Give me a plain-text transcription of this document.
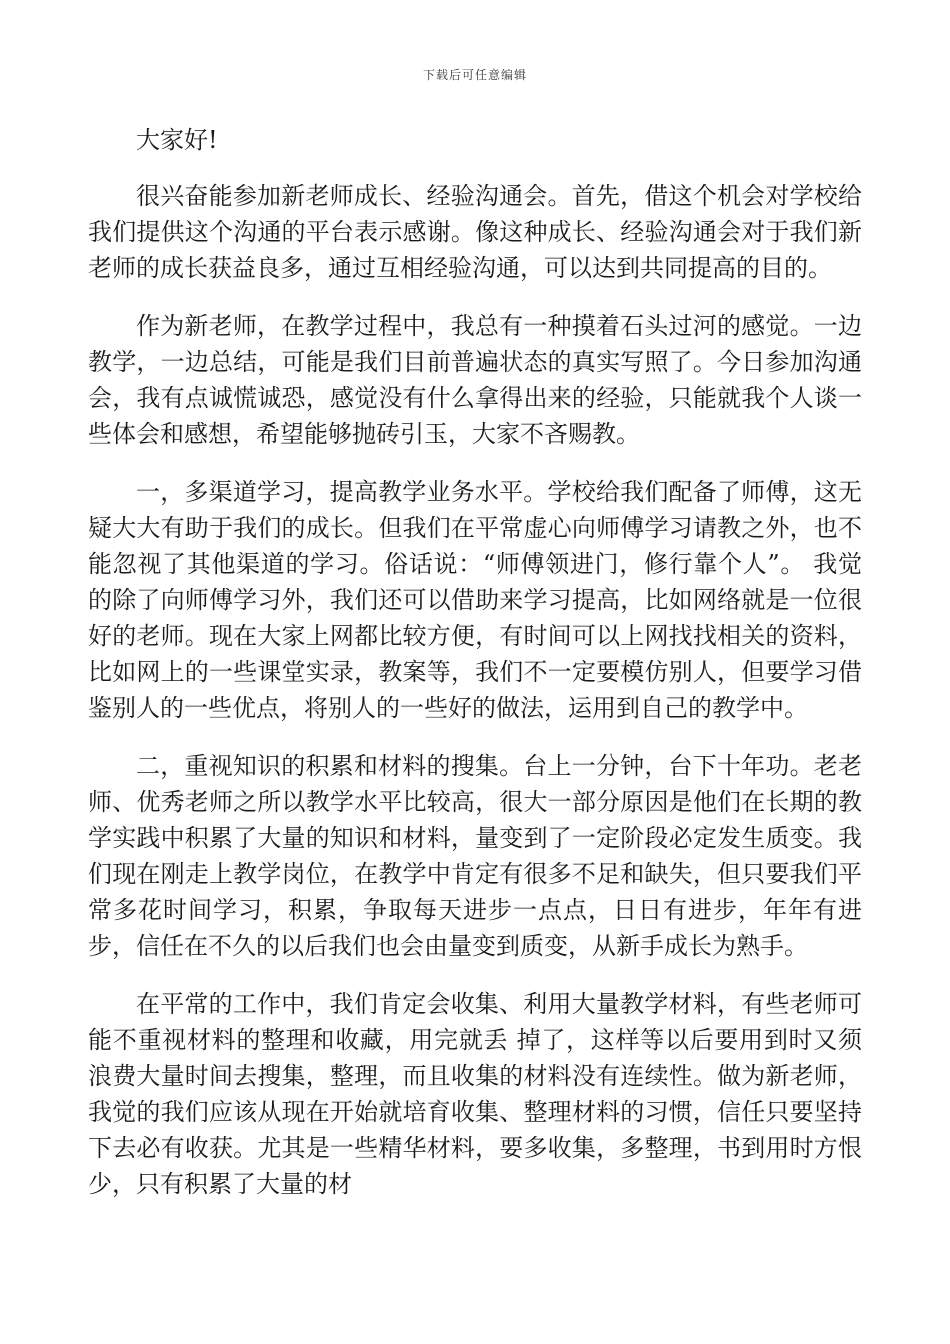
下载后可任意编辑

大家好!

很兴奋能参加新老师成长、经验沟通会。首先，借这个机会对学校给我们提供这个沟通的平台表示感谢。像这种成长、经验沟通会对于我们新老师的成长获益良多，通过互相经验沟通，可以达到共同提高的目的。

作为新老师，在教学过程中，我总有一种摸着石头过河的感觉。一边教学，一边总结，可能是我们目前普遍状态的真实写照了。今日参加沟通会，我有点诚慌诚恐，感觉没有什么拿得出来的经验，只能就我个人谈一些体会和感想，希望能够抛砖引玉，大家不吝赐教。

一，多渠道学习，提高教学业务水平。学校给我们配备了师傅，这无疑大大有助于我们的成长。但我们在平常虚心向师傅学习请教之外，也不能忽视了其他渠道的学习。俗话说：“师傅领进门，修行靠个人”。 我觉的除了向师傅学习外，我们还可以借助来学习提高，比如网络就是一位很好的老师。现在大家上网都比较方便，有时间可以上网找找相关的资料，比如网上的一些课堂实录，教案等，我们不一定要模仿别人，但要学习借鉴别人的一些优点，将别人的一些好的做法，运用到自己的教学中。

二，重视知识的积累和材料的搜集。台上一分钟，台下十年功。老老师、优秀老师之所以教学水平比较高，很大一部分原因是他们在长期的教学实践中积累了大量的知识和材料，量变到了一定阶段必定发生质变。我们现在刚走上教学岗位，在教学中肯定有很多不足和缺失，但只要我们平常多花时间学习，积累，争取每天进步一点点，日日有进步，年年有进步，信任在不久的以后我们也会由量变到质变，从新手成长为熟手。

在平常的工作中，我们肯定会收集、利用大量教学材料，有些老师可能不重视材料的整理和收藏，用完就丢 掉了，这样等以后要用到时又须浪费大量时间去搜集，整理，而且收集的材料没有连续性。做为新老师，我觉的我们应该从现在开始就培育收集、整理材料的习惯，信任只要坚持下去必有收获。尤其是一些精华材料，要多收集，多整理，书到用时方恨少，只有积累了大量的材
